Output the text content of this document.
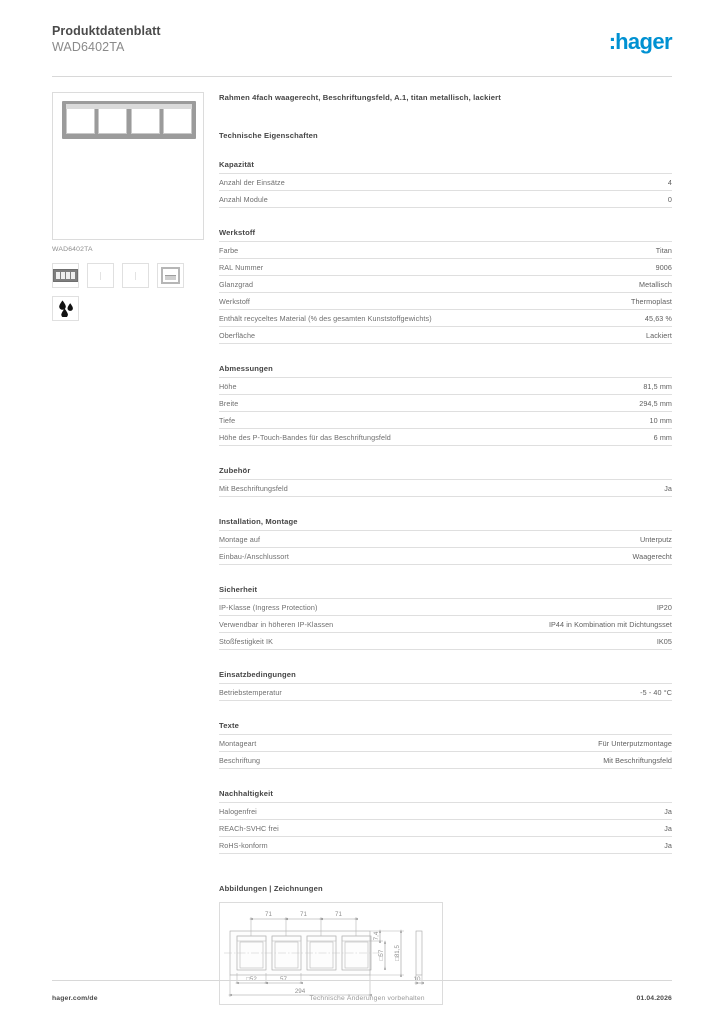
Produktdatenblatt
WAD6402TA	:hager
WAD6402TA
Rahmen 4fach waagerecht, Beschriftungsfeld, A.1, titan metallisch, lackiert
Technische Eigenschaften
Kapazität
Anzahl der Einsätze	4
Anzahl Module	0
Werkstoff
Farbe	Titan
RAL Nummer	9006
Glanzgrad	Metallisch
Werkstoff	Thermoplast
Enthält recyceltes Material (% des gesamten Kunststoffgewichts)	45,63 %
Oberfläche	Lackiert
Abmessungen
Höhe	81,5 mm
Breite	294,5 mm
Tiefe	10 mm
Höhe des P-Touch-Bandes für das Beschriftungsfeld	6 mm
Zubehör
Mit Beschriftungsfeld	Ja
Installation, Montage
Montage auf	Unterputz
Einbau-/Anschlussort	Waagerecht
Sicherheit
IP-Klasse (Ingress Protection)	IP20
Verwendbar in höheren IP-Klassen	IP44 in Kombination mit Dichtungsset
Stoßfestigkeit IK	IK05
Einsatzbedingungen
Betriebstemperatur	-5 - 40 °C
Texte
Montageart	Für Unterputzmontage
Beschriftung	Mit Beschriftungsfeld
Nachhaltigkeit
Halogenfrei	Ja
REACh-SVHC frei	Ja
RoHS-konform	Ja
Abbildungen | Zeichnungen
71	71	71
7,4
□57 □81,5
□52	57
294
10
hager.com/de	Technische Änderungen vorbehalten	01.04.2026
